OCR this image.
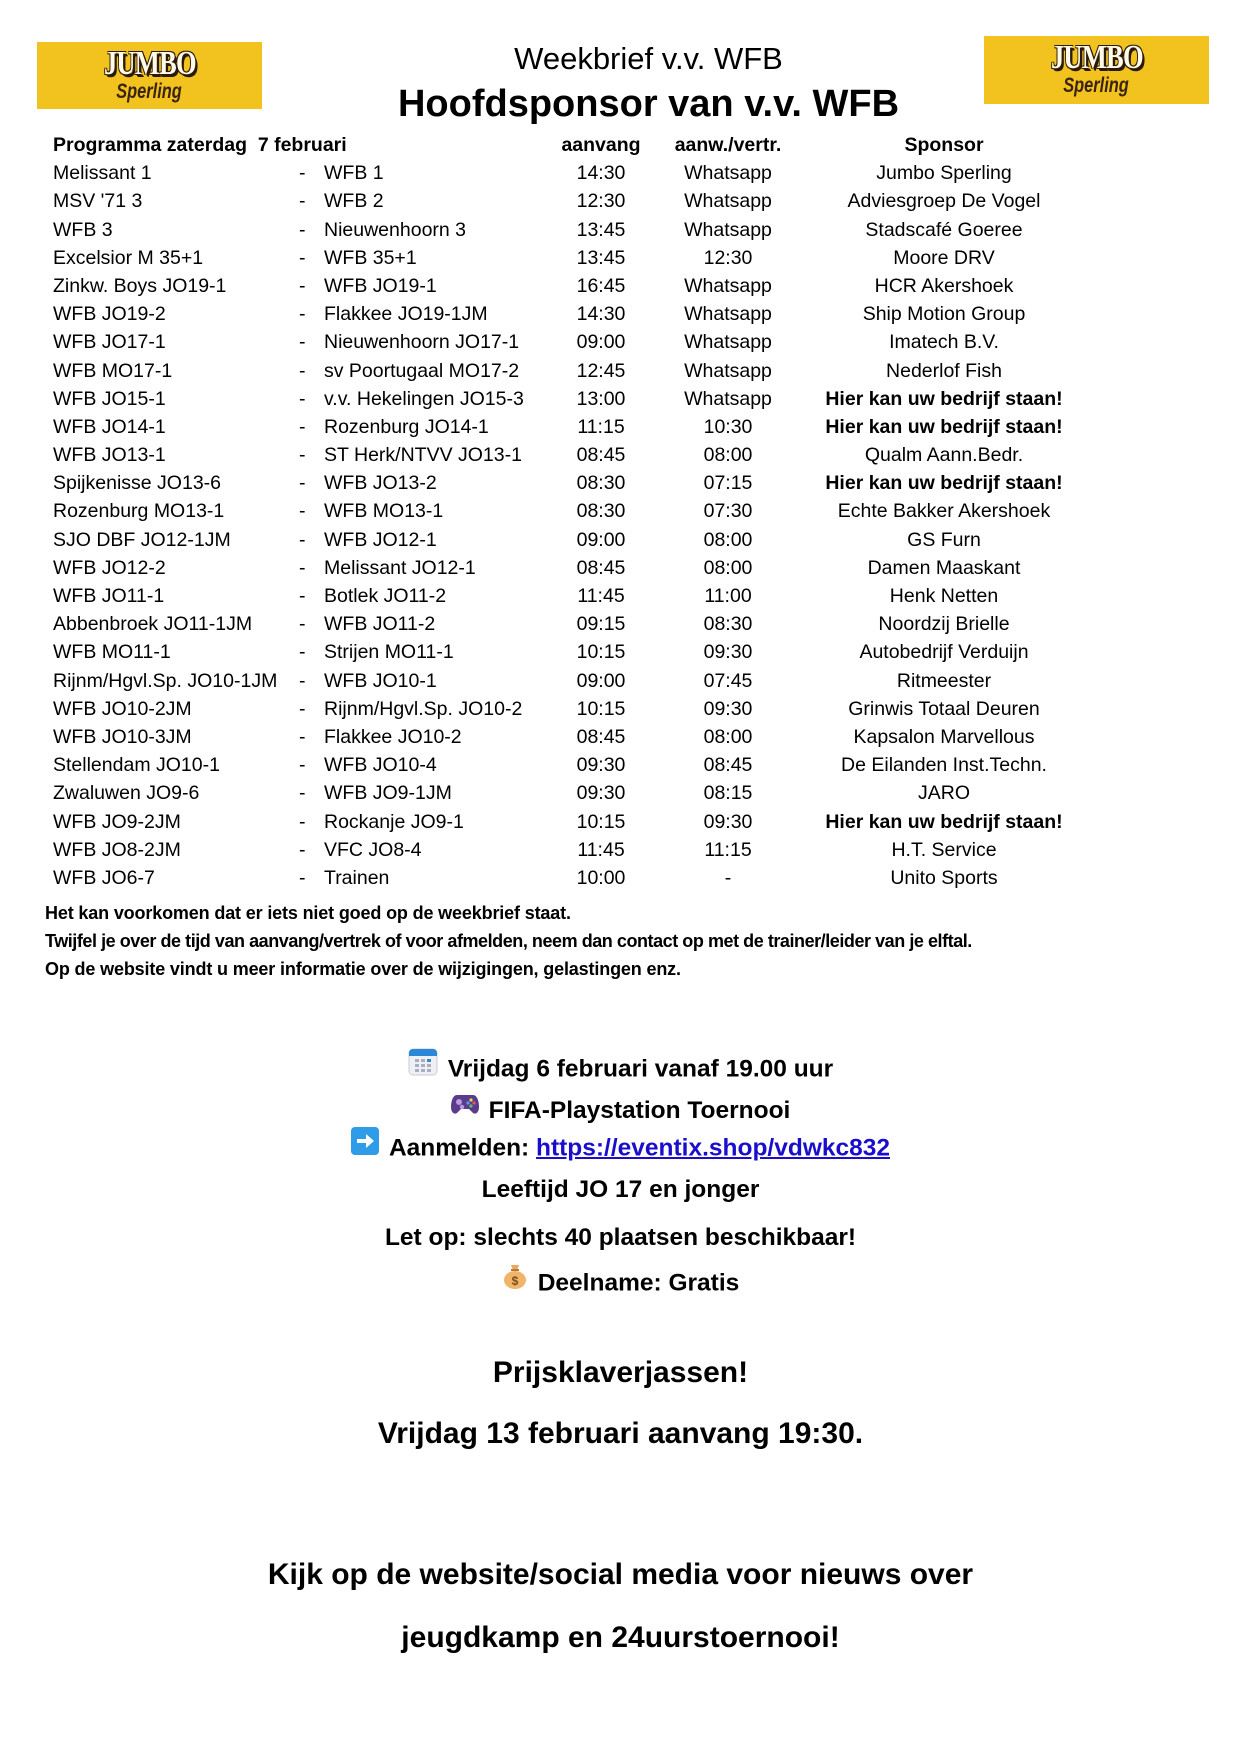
JUMBO
Sperling
JUMBO
Sperling
Weekbrief v.v. WFB
Hoofdsponsor van v.v. WFB
Programma zaterdag  7 februari	aanvang	aanw./vertr.	Sponsor
Melissant 1	- WFB 1	14:30	Whatsapp	Jumbo Sperling
MSV '71 3	- WFB 2	12:30	Whatsapp	Adviesgroep De Vogel
WFB 3	- Nieuwenhoorn 3	13:45	Whatsapp	Stadscafé Goeree
Excelsior M 35+1	- WFB 35+1	13:45	12:30	Moore DRV
Zinkw. Boys JO19-1	- WFB JO19-1	16:45	Whatsapp	HCR Akershoek
WFB JO19-2	- Flakkee JO19-1JM	14:30	Whatsapp	Ship Motion Group
WFB JO17-1	- Nieuwenhoorn JO17-1	09:00	Whatsapp	Imatech B.V.
WFB MO17-1	- sv Poortugaal MO17-2	12:45	Whatsapp	Nederlof Fish
WFB JO15-1	- v.v. Hekelingen JO15-3	13:00	Whatsapp	Hier kan uw bedrijf staan!
WFB JO14-1	- Rozenburg JO14-1	11:15	10:30	Hier kan uw bedrijf staan!
WFB JO13-1	- ST Herk/NTVV JO13-1	08:45	08:00	Qualm Aann.Bedr.
Spijkenisse JO13-6	- WFB JO13-2	08:30	07:15	Hier kan uw bedrijf staan!
Rozenburg MO13-1	- WFB MO13-1	08:30	07:30	Echte Bakker Akershoek
SJO DBF JO12-1JM	- WFB JO12-1	09:00	08:00	GS Furn
WFB JO12-2	- Melissant JO12-1	08:45	08:00	Damen Maaskant
WFB JO11-1	- Botlek JO11-2	11:45	11:00	Henk Netten
Abbenbroek JO11-1JM - WFB JO11-2	09:15	08:30	Noordzij Brielle
WFB MO11-1	- Strijen MO11-1	10:15	09:30	Autobedrijf Verduijn
Rijnm/Hgvl.Sp. JO10-1JM - WFB JO10-1	09:00	07:45	Ritmeester
WFB JO10-2JM	- Rijnm/Hgvl.Sp. JO10-2	10:15	09:30	Grinwis Totaal Deuren
WFB JO10-3JM	- Flakkee JO10-2	08:45	08:00	Kapsalon Marvellous
Stellendam JO10-1	- WFB JO10-4	09:30	08:45	De Eilanden Inst.Techn.
Zwaluwen JO9-6	- WFB JO9-1JM	09:30	08:15	JARO
WFB JO9-2JM	- Rockanje JO9-1	10:15	09:30	Hier kan uw bedrijf staan!
WFB JO8-2JM	- VFC JO8-4	11:45	11:15	H.T. Service
WFB JO6-7	- Trainen	10:00	-	Unito Sports
Het kan voorkomen dat er iets niet goed op de weekbrief staat.
Twijfel je over de tijd van aanvang/vertrek of voor afmelden, neem dan contact op met de trainer/leider van je elftal.
Op de website vindt u meer informatie over de wijzigingen, gelastingen enz.
Vrijdag 6 februari vanaf 19.00 uur
FIFA-Playstation Toernooi
Aanmelden: https://eventix.shop/vdwkc832
Leeftijd JO 17 en jonger
Let op: slechts 40 plaatsen beschikbaar!
$ Deelname: Gratis
Prijsklaverjassen!
Vrijdag 13 februari aanvang 19:30.
Kijk op de website/social media voor nieuws over
jeugdkamp en 24uurstoernooi!
